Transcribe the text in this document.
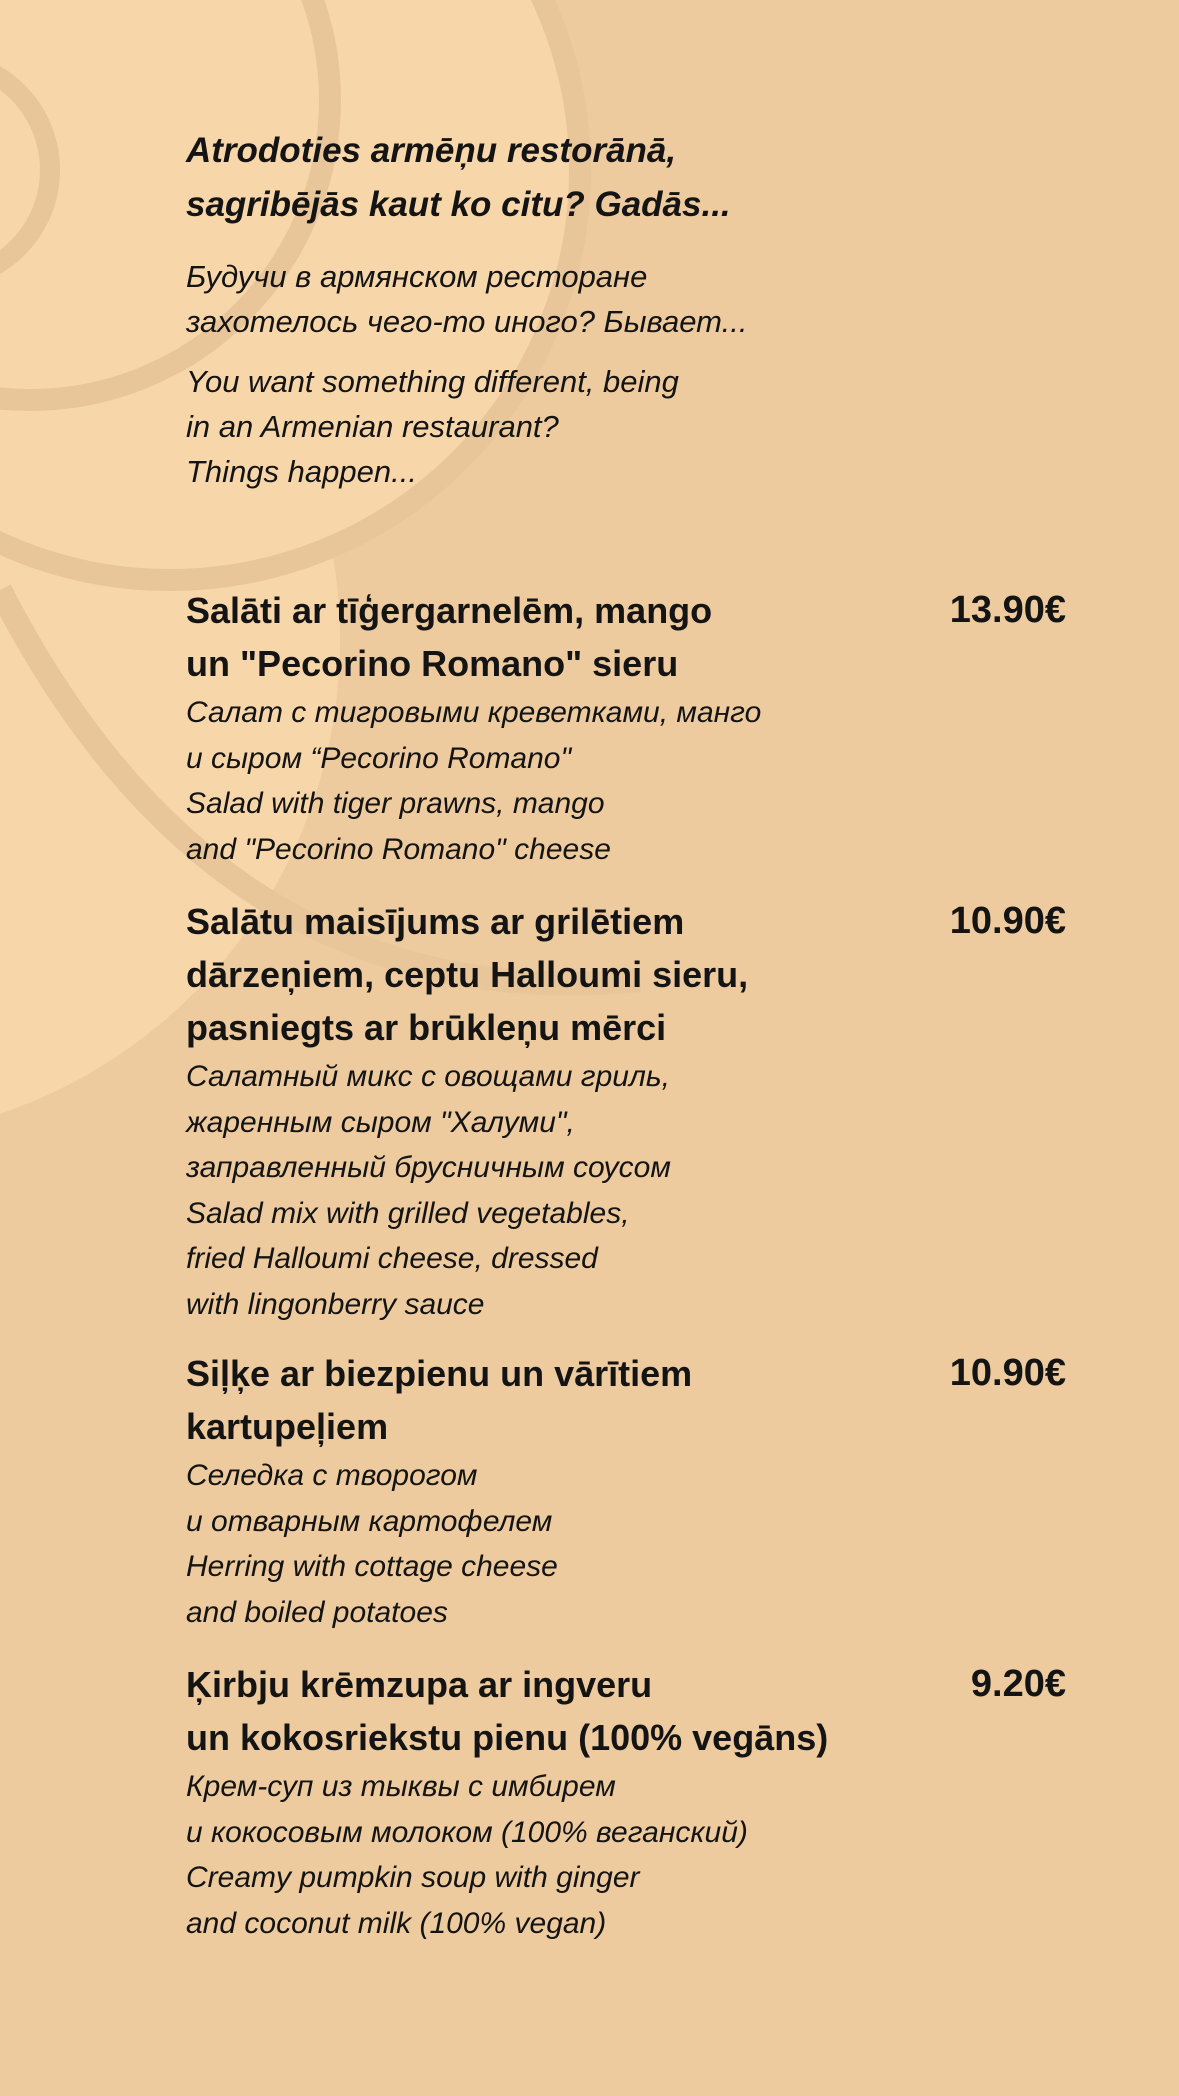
Atrodoties armēņu restorānā,
sagribējās kaut ko citu? Gadās...

Будучи в армянском ресторане
захотелось чего-то иного? Бывает...

You want something different, being
in an Armenian restaurant?
Things happen...

Salāti ar tīģergarnelēm, mango
un "Pecorino Romano" sieru

Салат с тигровыми креветками, манго
и сыром “Pecorino Romano"
Salad with tiger prawns, mango
and "Pecorino Romano" cheese

13.90€

Salātu maisījums ar grilētiem
dārzeņiem, ceptu Halloumi sieru,
pasniegts ar brūkleņu mērci

Салатный микс с овощами гриль,
жаренным сыром "Халуми",
заправленный брусничным соусом
Salad mix with grilled vegetables,
fried Halloumi cheese, dressed
with lingonberry sauce

10.90€

Siļķe ar biezpienu un vārītiem
kartupeļiem

Селедка с творогом
и отварным картофелем
Herring with cottage cheese
and boiled potatoes

10.90€

Ķirbju krēmzupa ar ingveru
un kokosriekstu pienu (100% vegāns)

Крем-суп из тыквы с имбирем
и кокосовым молоком (100% веганский)
Creamy pumpkin soup with ginger
and coconut milk (100% vegan)

9.20€
